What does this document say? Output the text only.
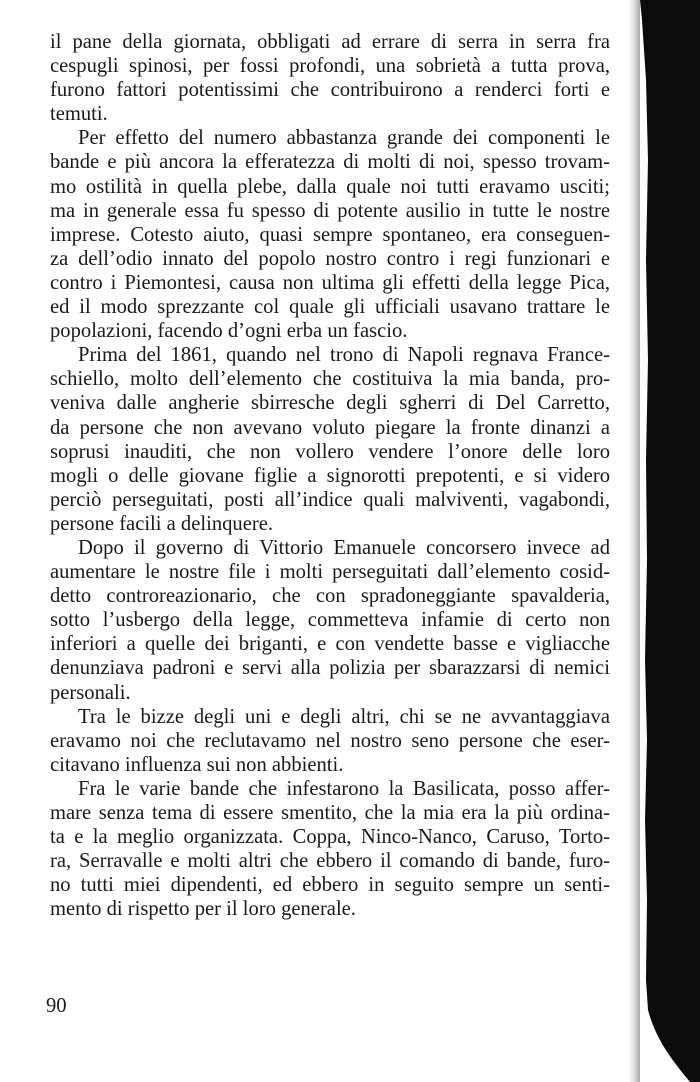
il pane della giornata, obbligati ad errare di serra in serra fra
cespugli spinosi, per fossi profondi, una sobrietà a tutta prova,
furono fattori potentissimi che contribuirono a renderci forti e
temuti.
Per effetto del numero abbastanza grande dei componenti le
bande e più ancora la efferatezza di molti di noi, spesso trovam-
mo ostilità in quella plebe, dalla quale noi tutti eravamo usciti;
ma in generale essa fu spesso di potente ausilio in tutte le nostre
imprese. Cotesto aiuto, quasi sempre spontaneo, era conseguen-
za dell’odio innato del popolo nostro contro i regi funzionari e
contro i Piemontesi, causa non ultima gli effetti della legge Pica,
ed il modo sprezzante col quale gli ufficiali usavano trattare le
popolazioni, facendo d’ogni erba un fascio.
Prima del 1861, quando nel trono di Napoli regnava France-
schiello, molto dell’elemento che costituiva la mia banda, pro-
veniva dalle angherie sbirresche degli sgherri di Del Carretto,
da persone che non avevano voluto piegare la fronte dinanzi a
soprusi inauditi, che non vollero vendere l’onore delle loro
mogli o delle giovane figlie a signorotti prepotenti, e si videro
perciò perseguitati, posti all’indice quali malviventi, vagabondi,
persone facili a delinquere.
Dopo il governo di Vittorio Emanuele concorsero invece ad
aumentare le nostre file i molti perseguitati dall’elemento cosid-
detto controreazionario, che con spradoneggiante spavalderia,
sotto l’usbergo della legge, commetteva infamie di certo non
inferiori a quelle dei briganti, e con vendette basse e vigliacche
denunziava padroni e servi alla polizia per sbarazzarsi di nemici
personali.
Tra le bizze degli uni e degli altri, chi se ne avvantaggiava
eravamo noi che reclutavamo nel nostro seno persone che eser-
citavano influenza sui non abbienti.
Fra le varie bande che infestarono la Basilicata, posso affer-
mare senza tema di essere smentito, che la mia era la più ordina-
ta e la meglio organizzata. Coppa, Ninco-Nanco, Caruso, Torto-
ra, Serravalle e molti altri che ebbero il comando di bande, furo-
no tutti miei dipendenti, ed ebbero in seguito sempre un senti-
mento di rispetto per il loro generale.
90
